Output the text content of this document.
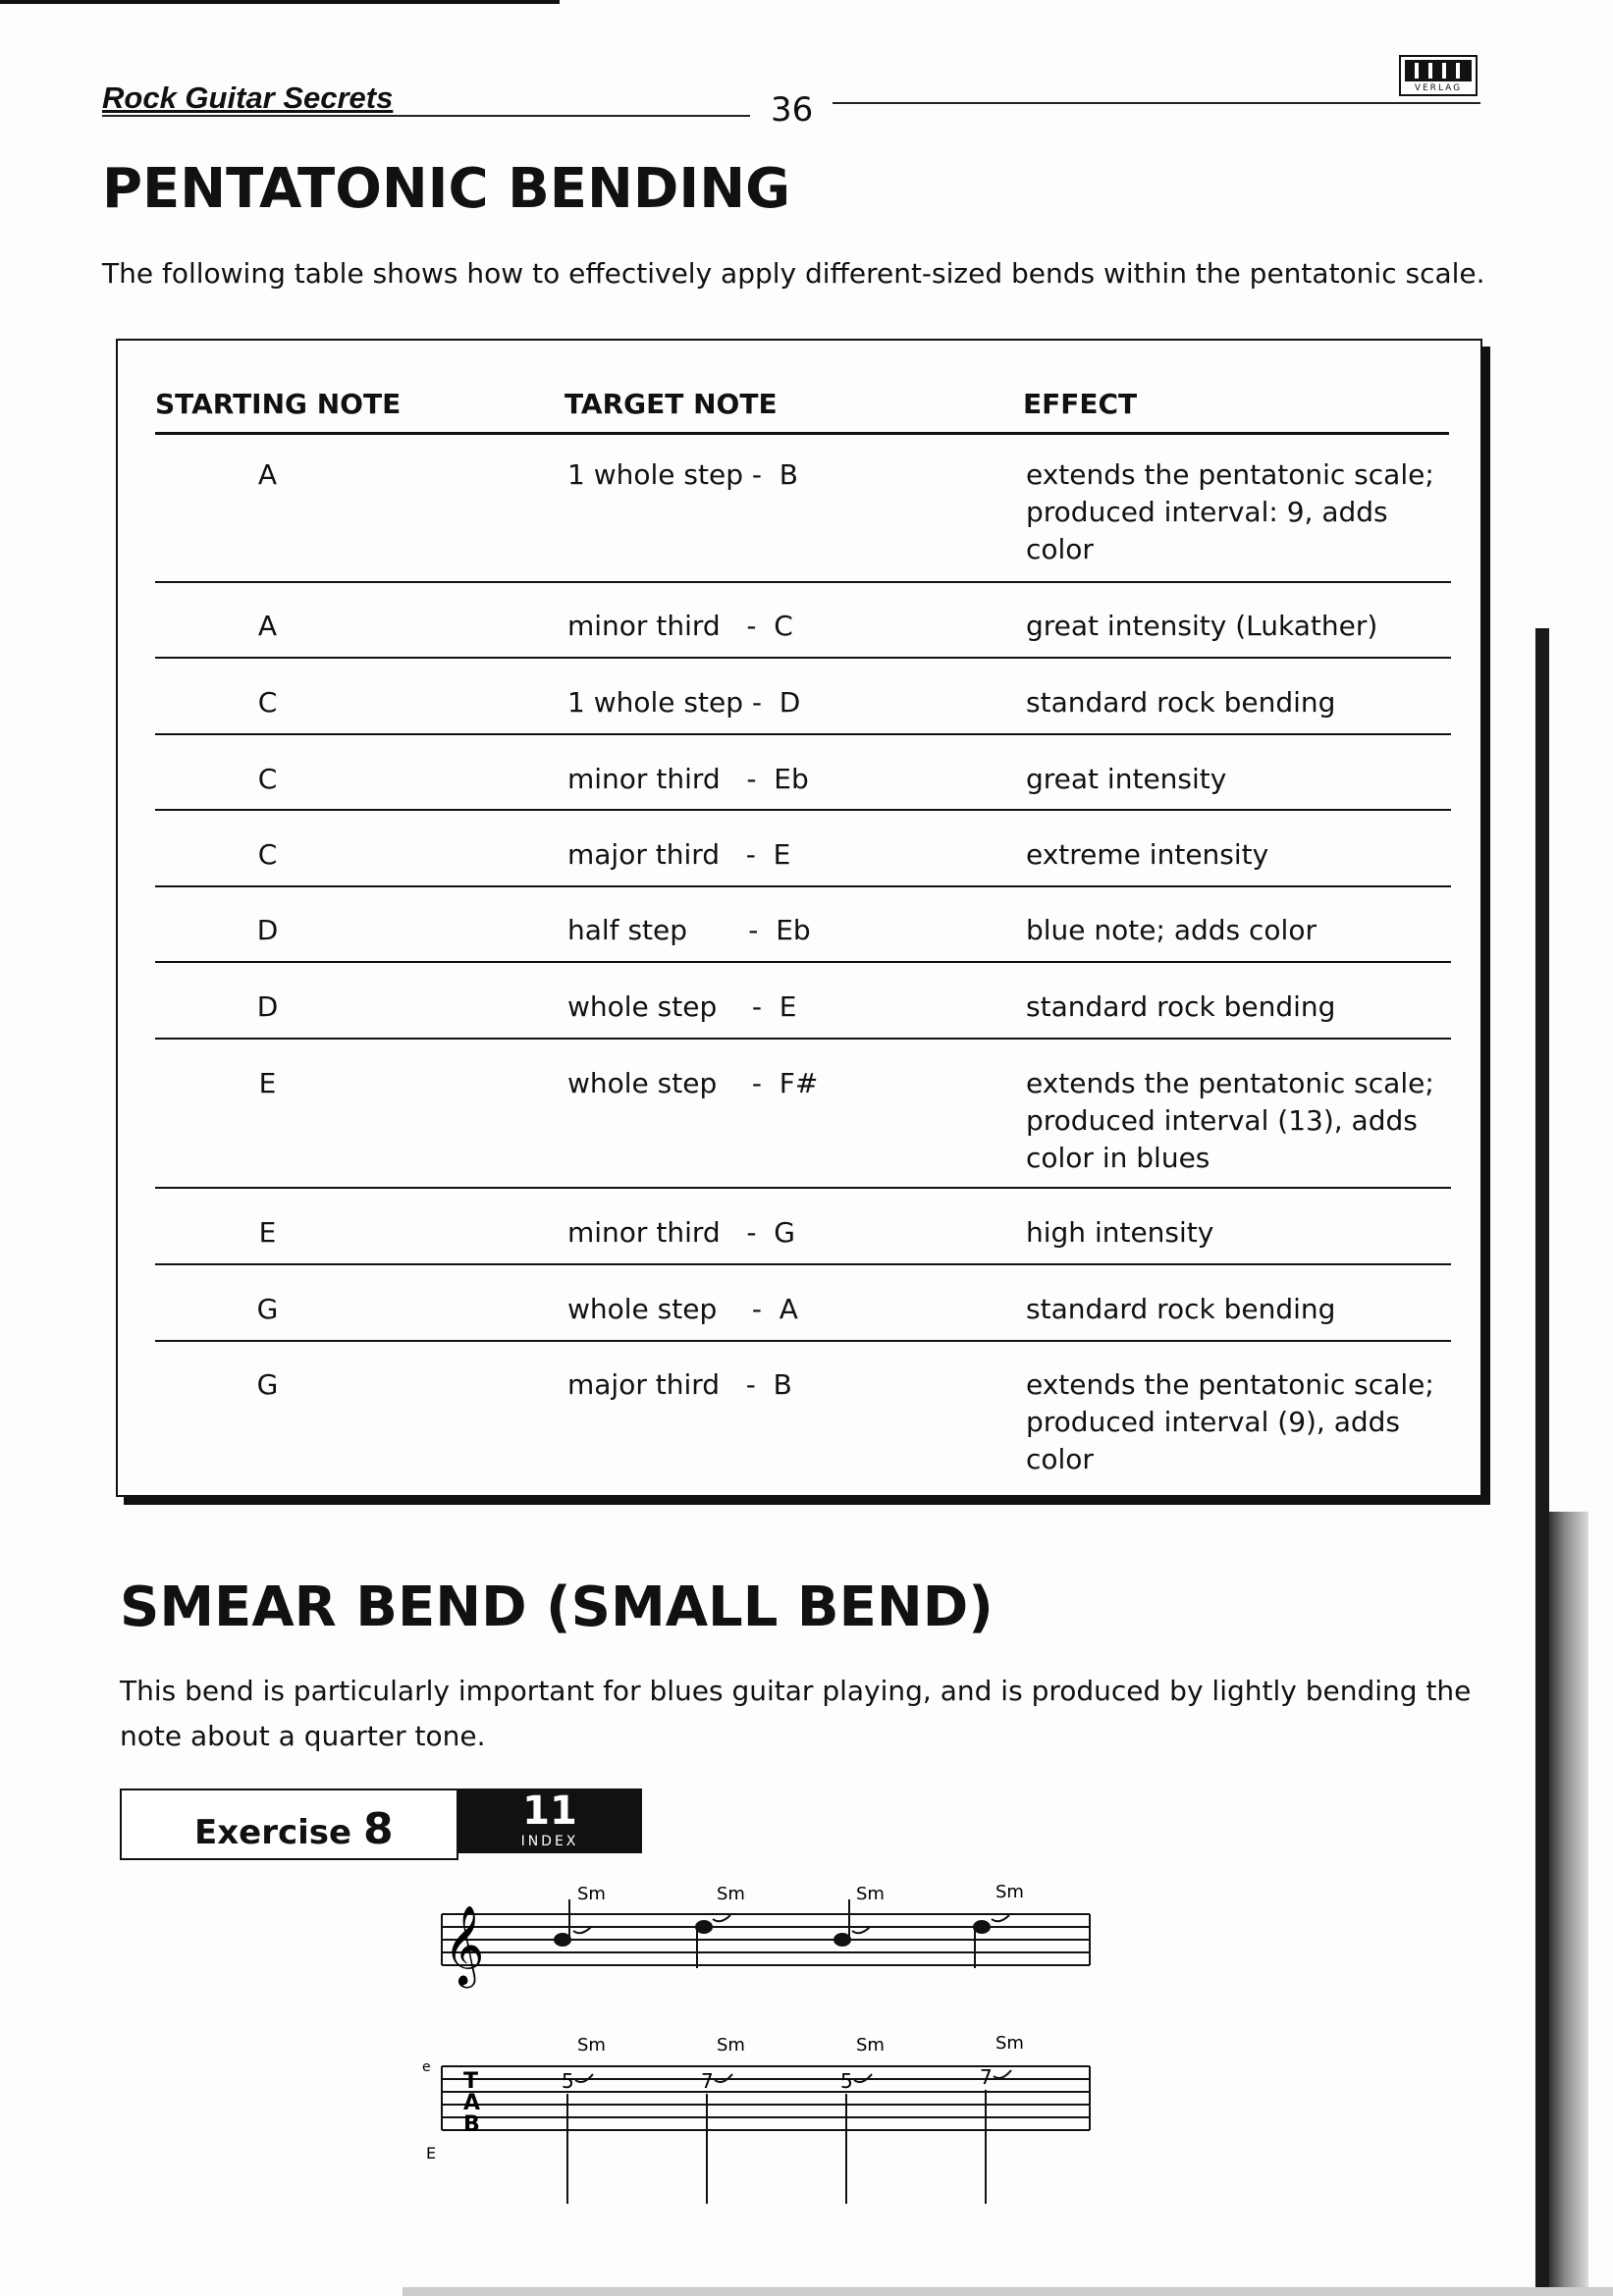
Rock Guitar Secrets	36
VERLAG
PENTATONIC BENDING
The following table shows how to effectively apply different-sized bends within the pentatonic scale.
STARTING NOTE	TARGET NOTE	EFFECT
A	1 whole step -  B	extends the pentatonic scale; produced interval: 9, adds color
A	minor third   -  C	great intensity (Lukather)
C	1 whole step -  D	standard rock bending
C	minor third   -  Eb	great intensity
C	major third   -  E	extreme intensity
D	half step       -  Eb	blue note; adds color
D	whole step    -  E	standard rock bending
E	whole step    -  F#	extends the pentatonic scale; produced interval (13), adds color in blues
E	minor third   -  G	high intensity
G	whole step    -  A	standard rock bending
G	major third   -  B	extends the pentatonic scale; produced interval (9), adds color
SMEAR BEND (SMALL BEND)
This bend is particularly important for blues guitar playing, and is produced by lightly bending the note about a quarter tone.
Exercise 8	11
INDEX
𝄞
Sm	Sm	Sm	Sm
T
A
B
e
E
5	7	5	7
Sm	Sm	Sm	Sm
